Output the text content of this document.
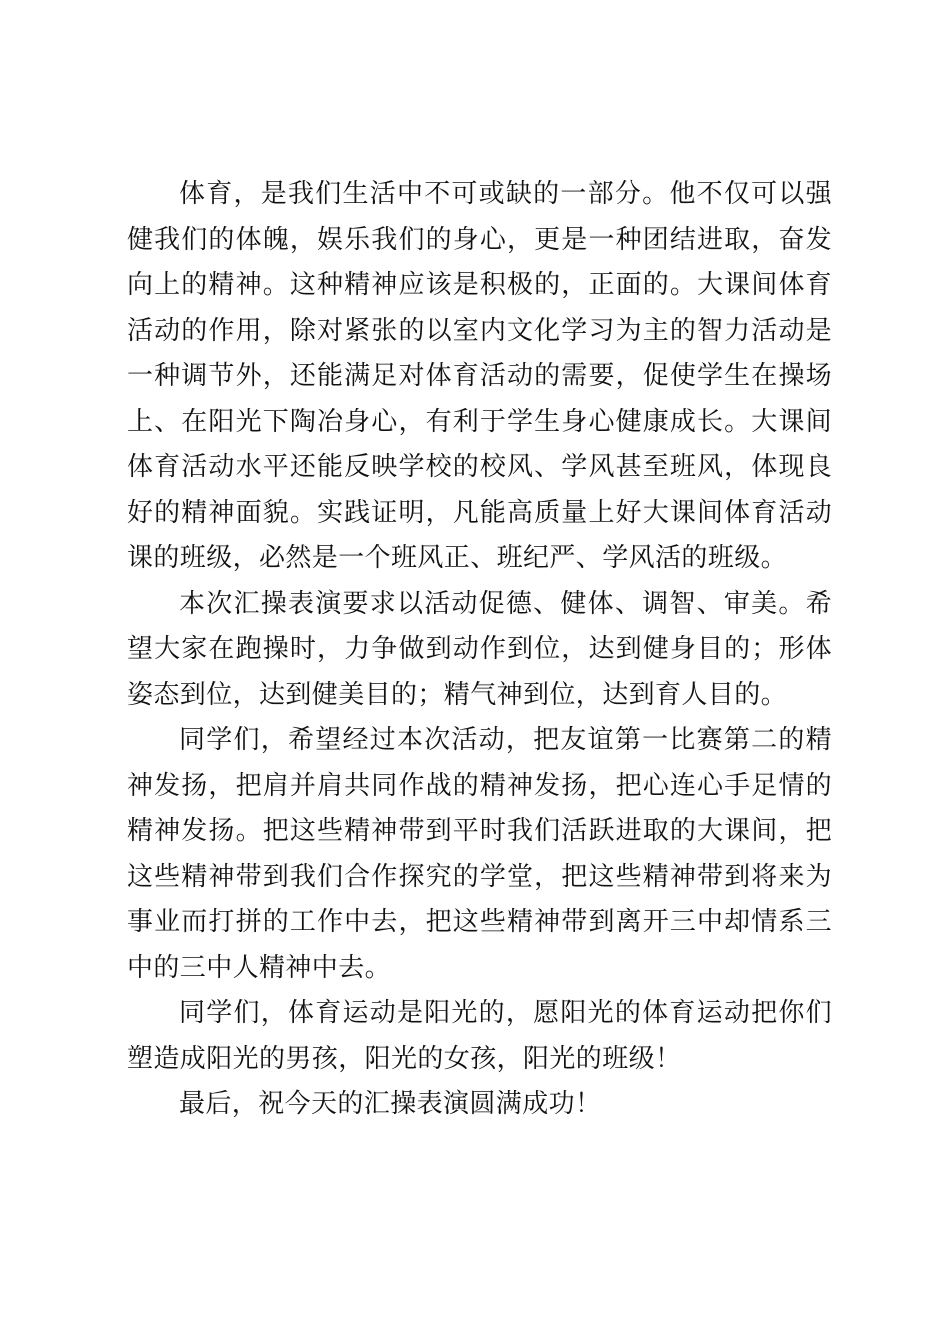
体育，是我们生活中不可或缺的一部分。他不仅可以强健我们的体魄，娱乐我们的身心，更是一种团结进取，奋发向上的精神。这种精神应该是积极的，正面的。大课间体育活动的作用，除对紧张的以室内文化学习为主的智力活动是一种调节外，还能满足对体育活动的需要，促使学生在操场上、在阳光下陶冶身心，有利于学生身心健康成长。大课间体育活动水平还能反映学校的校风、学风甚至班风，体现良好的精神面貌。实践证明，凡能高质量上好大课间体育活动课的班级，必然是一个班风正、班纪严、学风活的班级。

本次汇操表演要求以活动促德、健体、调智、审美。希望大家在跑操时，力争做到动作到位，达到健身目的；形体姿态到位，达到健美目的；精气神到位，达到育人目的。

同学们，希望经过本次活动，把友谊第一比赛第二的精神发扬，把肩并肩共同作战的精神发扬，把心连心手足情的精神发扬。把这些精神带到平时我们活跃进取的大课间，把这些精神带到我们合作探究的学堂，把这些精神带到将来为事业而打拼的工作中去，把这些精神带到离开三中却情系三中的三中人精神中去。

同学们，体育运动是阳光的，愿阳光的体育运动把你们塑造成阳光的男孩，阳光的女孩，阳光的班级！

最后，祝今天的汇操表演圆满成功！
